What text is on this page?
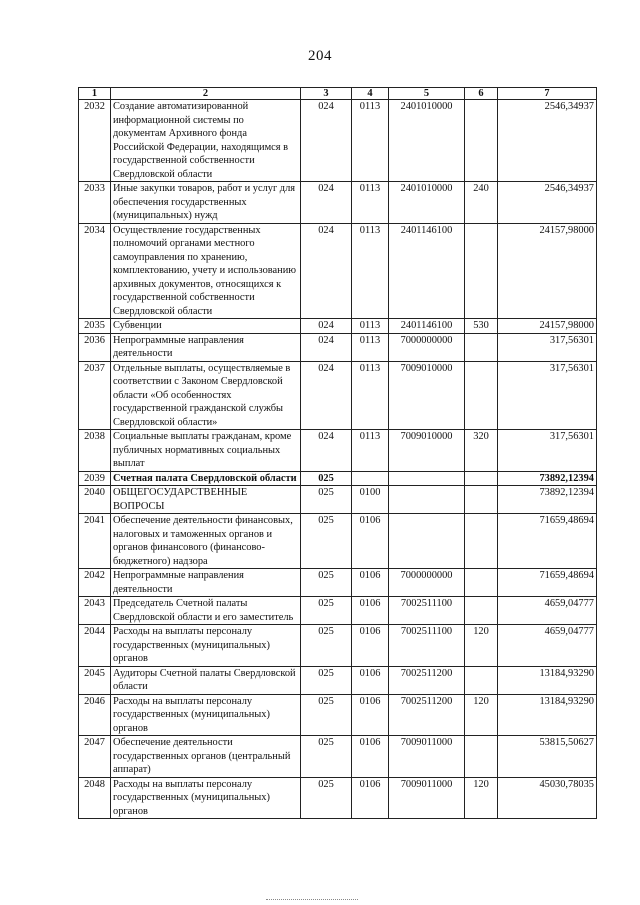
204
1	2	3	4	5	6	7
2032	Создание автоматизированной информационной системы по документам Архивного фонда Российской Федерации, находящимся в государственной собственности Свердловской области	024	0113	2401010000		2546,34937
2033	Иные закупки товаров, работ и услуг для обеспечения государственных (муниципальных) нужд	024	0113	2401010000	240	2546,34937
2034	Осуществление государственных полномочий органами местного самоуправления по хранению, комплектованию, учету и использованию архивных документов, относящихся к государственной собственности Свердловской области	024	0113	2401146100		24157,98000
2035	Субвенции	024	0113	2401146100	530	24157,98000
2036	Непрограммные направления деятельности	024	0113	7000000000		317,56301
2037	Отдельные выплаты, осуществляемые в соответствии с Законом Свердловской области «Об особенностях государственной гражданской службы Свердловской области»	024	0113	7009010000		317,56301
2038	Социальные выплаты гражданам, кроме публичных нормативных социальных выплат	024	0113	7009010000	320	317,56301
2039	Счетная палата Свердловской области	025				73892,12394
2040	ОБЩЕГОСУДАРСТВЕННЫЕ ВОПРОСЫ	025	0100			73892,12394
2041	Обеспечение деятельности финансовых, налоговых и таможенных органов и органов финансового (финансово-бюджетного) надзора	025	0106			71659,48694
2042	Непрограммные направления деятельности	025	0106	7000000000		71659,48694
2043	Председатель Счетной палаты Свердловской области и его заместитель	025	0106	7002511100		4659,04777
2044	Расходы на выплаты персоналу государственных (муниципальных) органов	025	0106	7002511100	120	4659,04777
2045	Аудиторы Счетной палаты Свердловской области	025	0106	7002511200		13184,93290
2046	Расходы на выплаты персоналу государственных (муниципальных) органов	025	0106	7002511200	120	13184,93290
2047	Обеспечение деятельности государственных органов (центральный аппарат)	025	0106	7009011000		53815,50627
2048	Расходы на выплаты персоналу государственных (муниципальных) органов	025	0106	7009011000	120	45030,78035
